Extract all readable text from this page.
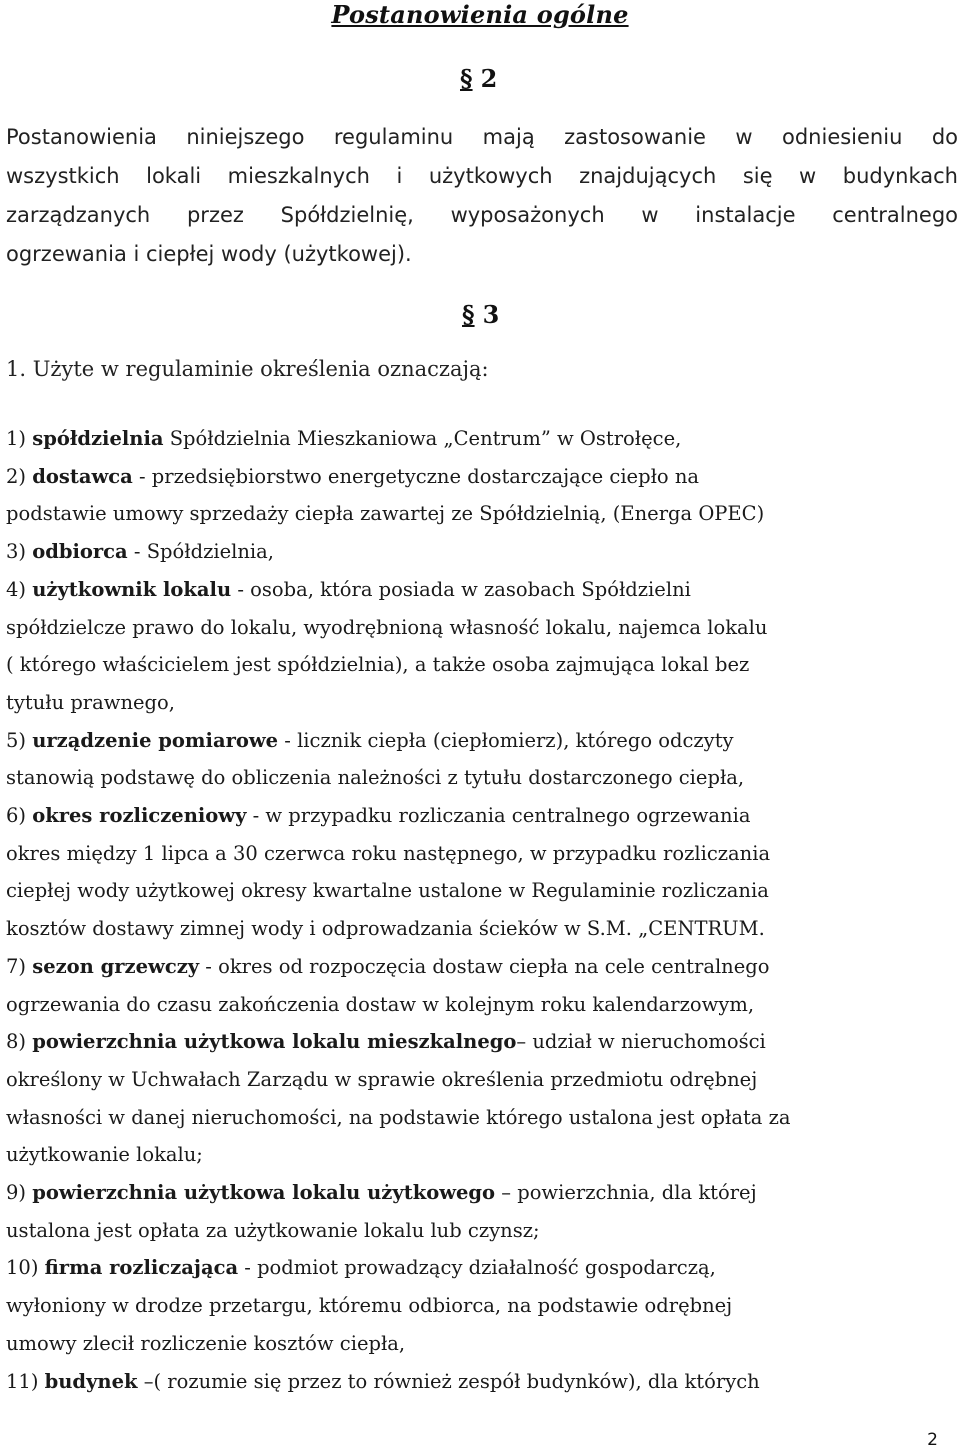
Postanowienia ogólne
§ 2
Postanowienia niniejszego regulaminu mają zastosowanie w odniesieniu do
wszystkich lokali mieszkalnych i użytkowych znajdujących się w budynkach
zarządzanych przez Spółdzielnię, wyposażonych w instalacje centralnego
ogrzewania i ciepłej wody (użytkowej).
§ 3
1. Użyte w regulaminie określenia oznaczają:
1) spółdzielnia Spółdzielnia Mieszkaniowa „Centrum” w Ostrołęce,
2) dostawca - przedsiębiorstwo energetyczne dostarczające ciepło na
podstawie umowy sprzedaży ciepła zawartej ze Spółdzielnią, (Energa OPEC)
3) odbiorca - Spółdzielnia,
4) użytkownik lokalu - osoba, która posiada w zasobach Spółdzielni
spółdzielcze prawo do lokalu, wyodrębnioną własność lokalu, najemca lokalu
( którego właścicielem jest spółdzielnia), a także osoba zajmująca lokal bez
tytułu prawnego,
5) urządzenie pomiarowe - licznik ciepła (ciepłomierz), którego odczyty
stanowią podstawę do obliczenia należności z tytułu dostarczonego ciepła,
6) okres rozliczeniowy - w przypadku rozliczania centralnego ogrzewania
okres między 1 lipca a 30 czerwca roku następnego, w przypadku rozliczania
ciepłej wody użytkowej okresy kwartalne ustalone w Regulaminie rozliczania
kosztów dostawy zimnej wody i odprowadzania ścieków w S.M. „CENTRUM.
7) sezon grzewczy - okres od rozpoczęcia dostaw ciepła na cele centralnego
ogrzewania do czasu zakończenia dostaw w kolejnym roku kalendarzowym,
8) powierzchnia użytkowa lokalu mieszkalnego– udział w nieruchomości
określony w Uchwałach Zarządu w sprawie określenia przedmiotu odrębnej
własności w danej nieruchomości, na podstawie którego ustalona jest opłata za
użytkowanie lokalu;
9) powierzchnia użytkowa lokalu użytkowego – powierzchnia, dla której
ustalona jest opłata za użytkowanie lokalu lub czynsz;
10) firma rozliczająca - podmiot prowadzący działalność gospodarczą,
wyłoniony w drodze przetargu, któremu odbiorca, na podstawie odrębnej
umowy zlecił rozliczenie kosztów ciepła,
11) budynek –( rozumie się przez to również zespół budynków), dla których
2
